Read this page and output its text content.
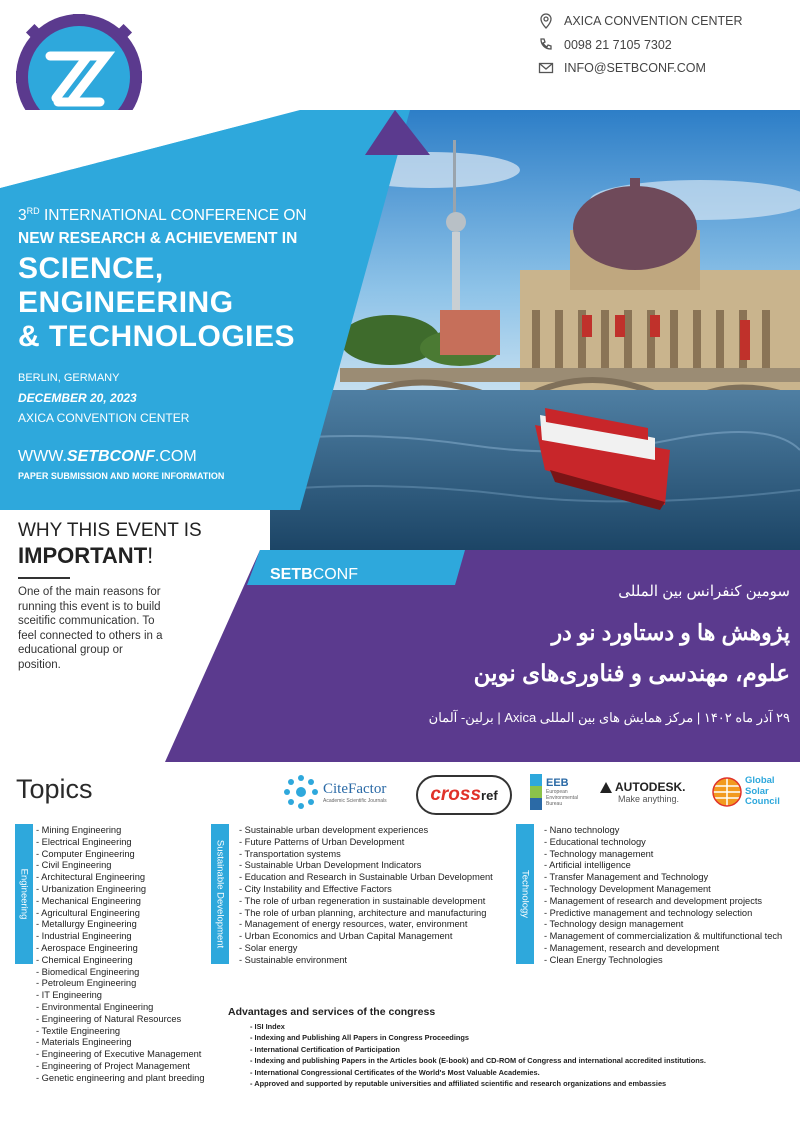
AXICA CONVENTION CENTER
0098 21 7105 7302
INFO@SETBCONF.COM
3RD INTERNATIONAL CONFERENCE ON
NEW RESEARCH & ACHIEVEMENT IN
SCIENCE,
ENGINEERING
& TECHNOLOGIES
BERLIN, GERMANY
DECEMBER 20, 2023
AXICA CONVENTION CENTER
WWW.SETBCONF.COM
PAPER SUBMISSION AND MORE INFORMATION
WHY THIS EVENT IS
IMPORTANT!
One of the main reasons for running this event is to build sceitific communication. To feel connected to others in a educational group or position.
SETBCONF
سومین کنفرانس بین المللی
پژوهش ها و دستاورد نو در
علوم، مهندسی و فناوری‌های نوین
۲۹ آذر ماه ۱۴۰۲ | مرکز همایش های بین المللی Axica | برلین- آلمان
Topics	CiteFactor
Academic Scientific Journals cross ref
EEB
European Environmental Bureau
AUTODESK.
Make anything.
Global
Solar
Council
Engineering
- Mining Engineering
- Electrical Engineering
- Computer Engineering
- Civil Engineering
- Architectural Engineering
- Urbanization Engineering
- Mechanical Engineering
- Agricultural Engineering
- Metallurgy Engineering
- Industrial Engineering
- Aerospace Engineering
- Chemical Engineering
- Biomedical Engineering
- Petroleum Engineering
- IT Engineering
- Environmental Engineering
- Engineering of Natural Resources
- Textile Engineering
- Materials Engineering
- Engineering of Executive Management
- Engineering of Project Management
- Genetic engineering and plant breeding
Sustainable Development
- Sustainable urban development experiences
- Future Patterns of Urban Development
- Transportation systems
- Sustainable Urban Development Indicators
- Education and Research in Sustainable Urban Development
- City Instability and Effective Factors
- The role of urban regeneration in sustainable development
- The role of urban planning, architecture and manufacturing
- Management of energy resources, water, environment
- Urban Economics and Urban Capital Management
- Solar energy
- Sustainable environment
Technology
- Nano technology
- Educational technology
- Technology management
- Artificial intelligence
- Transfer Management and Technology
- Technology Development Management
- Management of research and development projects
- Predictive management and technology selection
- Technology design management
- Management of commercialization & multifunctional tech
- Management, research and development
- Clean Energy Technologies
Advantages and services of the congress
- ISI Index
- Indexing and Publishing All Papers in Congress Proceedings
- International Certification of Participation
- Indexing and publishing Papers in the Articles book (E-book) and CD-ROM of Congress and international accredited institutions.
- International Congressional Certificates of the World's Most Valuable Academies.
- Approved and supported by reputable universities and affiliated scientific and research organizations and embassies
